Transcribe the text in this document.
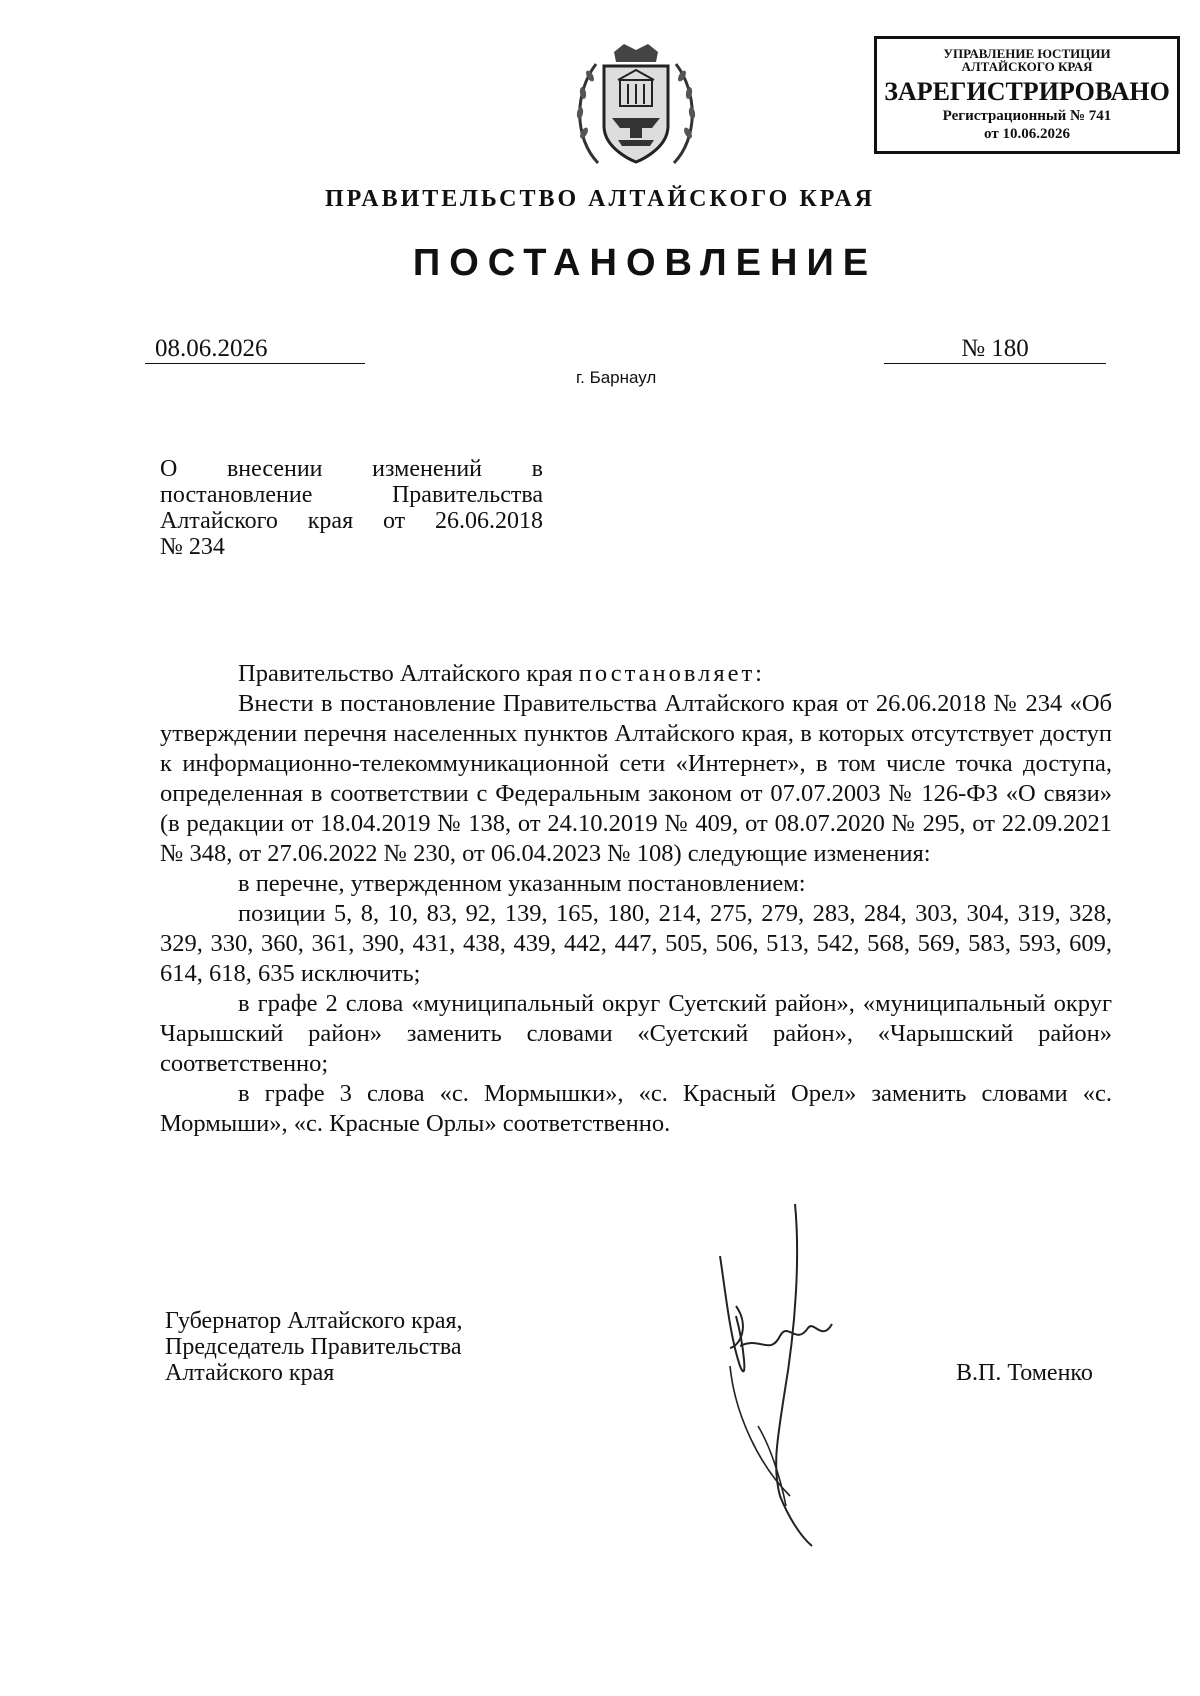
УПРАВЛЕНИЕ ЮСТИЦИИ
АЛТАЙСКОГО КРАЯ
ЗАРЕГИСТРИРОВАНО
Регистрационный № 741
от 10.06.2026
ПРАВИТЕЛЬСТВО АЛТАЙСКОГО КРАЯ
ПОСТАНОВЛЕНИЕ
08.06.2026	№ 180
г. Барнаул
О внесении изменений в
постановление Правительства
Алтайского края от 26.06.2018
№ 234

Правительство Алтайского края постановляет:

Внести в постановление Правительства Алтайского края от 26.06.2018 № 234 «Об утверждении перечня населенных пунктов Алтайского края, в которых отсутствует доступ к информационно-телекоммуникационной сети «Интернет», в том числе точка доступа, определенная в соответствии с Федеральным законом от 07.07.2003 № 126-ФЗ «О связи» (в редакции от 18.04.2019 № 138, от 24.10.2019 № 409, от 08.07.2020 № 295, от 22.09.2021 № 348, от 27.06.2022 № 230, от 06.04.2023 № 108) следующие изменения:

в перечне, утвержденном указанным постановлением:

позиции 5, 8, 10, 83, 92, 139, 165, 180, 214, 275, 279, 283, 284, 303, 304, 319, 328, 329, 330, 360, 361, 390, 431, 438, 439, 442, 447, 505, 506, 513, 542, 568, 569, 583, 593, 609, 614, 618, 635 исключить;

в графе 2 слова «муниципальный округ Суетский район», «муниципальный округ Чарышский район» заменить словами «Суетский район», «Чарышский район» соответственно;

в графе 3 слова «с. Мормышки», «с. Красный Орел» заменить словами «с. Мормыши», «с. Красные Орлы» соответственно.

Губернатор Алтайского края,
Председатель Правительства
Алтайского края	В.П. Томенко
